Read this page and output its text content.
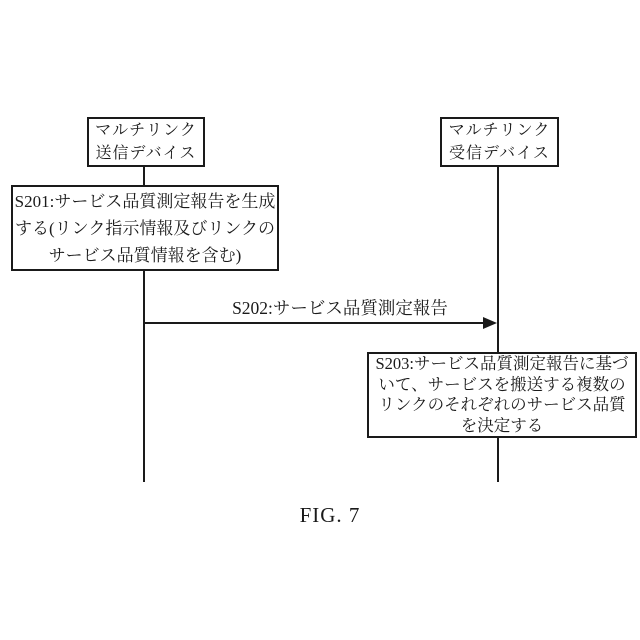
マルチリンク
送信デバイス
マルチリンク
受信デバイス
S201:サービス品質測定報告を生成
する(リンク指示情報及びリンクの
サービス品質情報を含む)
S202:サービス品質測定報告
S203:サービス品質測定報告に基づ
いて、サービスを搬送する複数の
リンクのそれぞれのサービス品質
を決定する
FIG. 7
